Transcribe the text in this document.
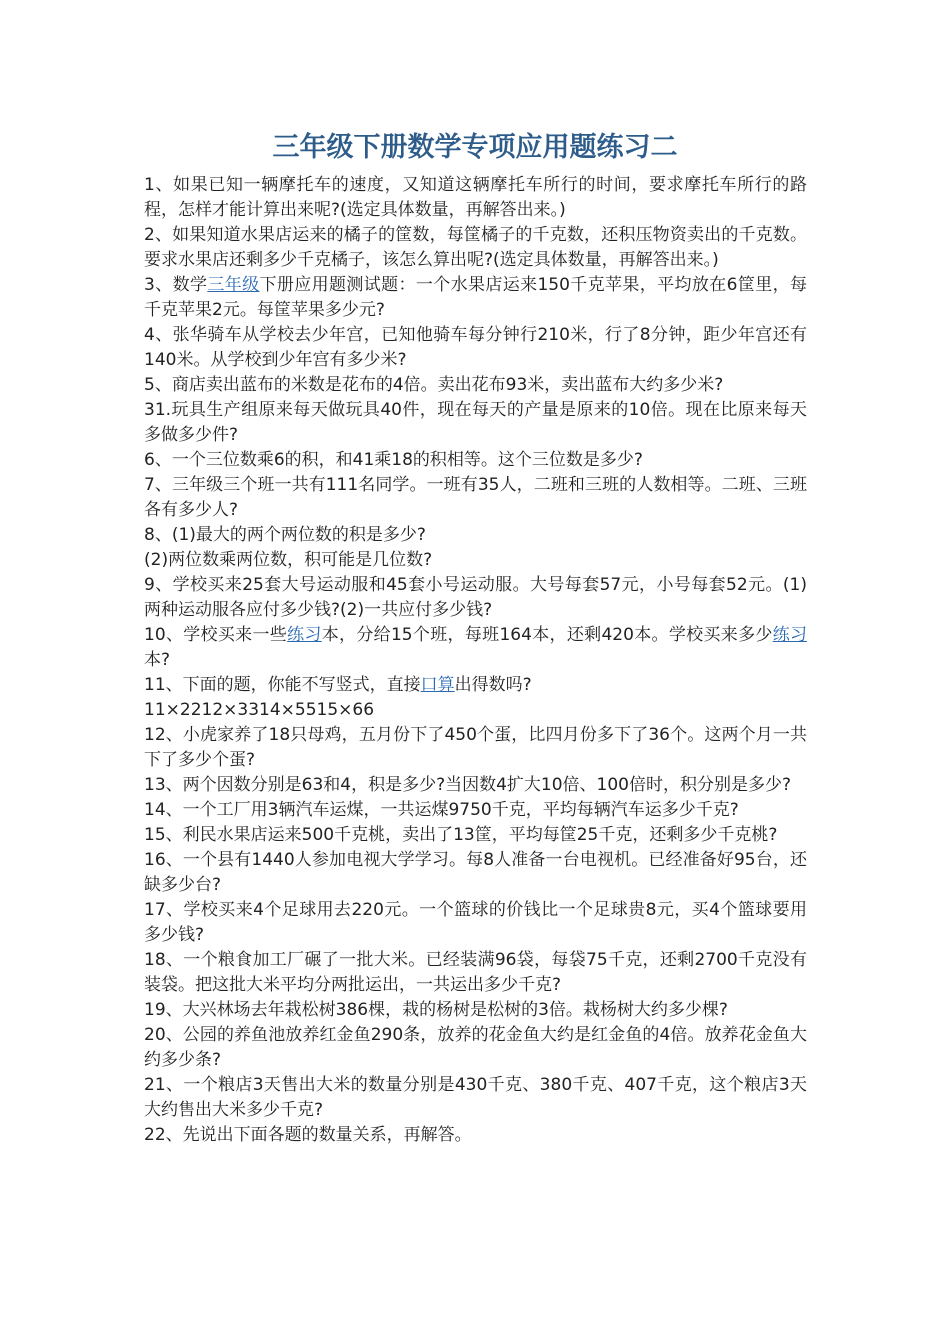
三年级下册数学专项应用题练习二

1、如果已知一辆摩托车的速度，又知道这辆摩托车所行的时间，要求摩托车所行的路程，怎样才能计算出来呢?(选定具体数量，再解答出来。)

2、如果知道水果店运来的橘子的筐数，每筐橘子的千克数，还积压物资卖出的千克数。要求水果店还剩多少千克橘子，该怎么算出呢?(选定具体数量，再解答出来。)

3、数学三年级下册应用题测试题：一个水果店运来150千克苹果，平均放在6筐里，每千克苹果2元。每筐苹果多少元?

4、张华骑车从学校去少年宫，已知他骑车每分钟行210米，行了8分钟，距少年宫还有140米。从学校到少年宫有多少米?

5、商店卖出蓝布的米数是花布的4倍。卖出花布93米，卖出蓝布大约多少米?

31.玩具生产组原来每天做玩具40件，现在每天的产量是原来的10倍。现在比原来每天多做多少件?

6、一个三位数乘6的积，和41乘18的积相等。这个三位数是多少?

7、三年级三个班一共有111名同学。一班有35人，二班和三班的人数相等。二班、三班各有多少人?

8、(1)最大的两个两位数的积是多少?

(2)两位数乘两位数，积可能是几位数?

9、学校买来25套大号运动服和45套小号运动服。大号每套57元，小号每套52元。(1)两种运动服各应付多少钱?(2)一共应付多少钱?

10、学校买来一些练习本，分给15个班，每班164本，还剩420本。学校买来多少练习本?

11、下面的题，你能不写竖式，直接口算出得数吗?

11×2212×3314×5515×66

12、小虎家养了18只母鸡，五月份下了450个蛋，比四月份多下了36个。这两个月一共下了多少个蛋?

13、两个因数分别是63和4，积是多少?当因数4扩大10倍、100倍时，积分别是多少?

14、一个工厂用3辆汽车运煤，一共运煤9750千克，平均每辆汽车运多少千克?

15、利民水果店运来500千克桃，卖出了13筐，平均每筐25千克，还剩多少千克桃?

16、一个县有1440人参加电视大学学习。每8人准备一台电视机。已经准备好95台，还缺多少台?

17、学校买来4个足球用去220元。一个篮球的价钱比一个足球贵8元，买4个篮球要用多少钱?

18、一个粮食加工厂碾了一批大米。已经装满96袋，每袋75千克，还剩2700千克没有装袋。把这批大米平均分两批运出，一共运出多少千克?

19、大兴林场去年栽松树386棵，栽的杨树是松树的3倍。栽杨树大约多少棵?

20、公园的养鱼池放养红金鱼290条，放养的花金鱼大约是红金鱼的4倍。放养花金鱼大约多少条?

21、一个粮店3天售出大米的数量分别是430千克、380千克、407千克，这个粮店3天大约售出大米多少千克?

22、先说出下面各题的数量关系，再解答。
